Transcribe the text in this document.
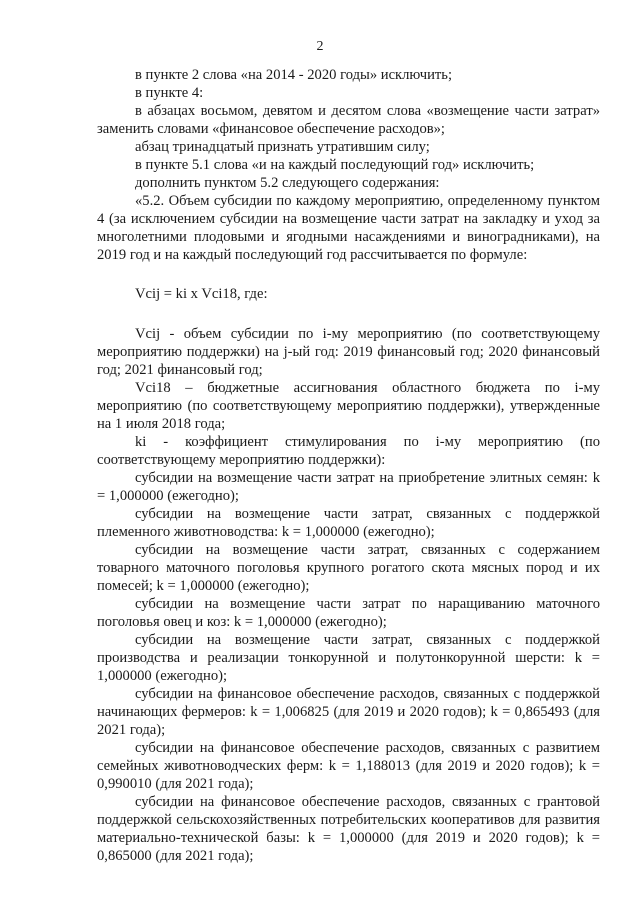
2

в пункте 2 слова «на 2014 - 2020 годы» исключить;

в пункте 4:

в абзацах восьмом, девятом и десятом слова «возмещение части затрат» заменить словами «финансовое обеспечение расходов»;

абзац тринадцатый признать утратившим силу;

в пункте 5.1 слова «и на каждый последующий год» исключить;

дополнить пунктом 5.2 следующего содержания:

«5.2. Объем субсидии по каждому мероприятию, определенному пунктом 4 (за исключением субсидии на возмещение части затрат на закладку и уход за многолетними плодовыми и ягодными насаждениями и виноградниками), на 2019 год и на каждый последующий год рассчитывается по формуле:

Vcij = ki x Vci18, где:

Vcij - объем субсидии по i-му мероприятию (по соответствующему мероприятию поддержки) на j-ый год: 2019 финансовый год; 2020 финансовый год; 2021 финансовый год;

Vci18 – бюджетные ассигнования областного бюджета по i-му мероприятию (по соответствующему мероприятию поддержки), утвержденные на 1 июля 2018 года;

ki - коэффициент стимулирования по i-му мероприятию (по соответствующему мероприятию поддержки):

субсидии на возмещение части затрат на приобретение элитных семян: k = 1,000000 (ежегодно);

субсидии на возмещение части затрат, связанных с поддержкой племенного животноводства: k = 1,000000 (ежегодно);

субсидии на возмещение части затрат, связанных с содержанием товарного маточного поголовья крупного рогатого скота мясных пород и их помесей; k = 1,000000 (ежегодно);

субсидии на возмещение части затрат по наращиванию маточного поголовья овец и коз: k = 1,000000 (ежегодно);

субсидии на возмещение части затрат, связанных с поддержкой производства и реализации тонкорунной и полутонкорунной шерсти: k = 1,000000 (ежегодно);

субсидии на финансовое обеспечение расходов, связанных с поддержкой начинающих фермеров: k = 1,006825 (для 2019 и 2020 годов); k = 0,865493 (для 2021 года);

субсидии на финансовое обеспечение расходов, связанных с развитием семейных животноводческих ферм: k = 1,188013 (для 2019 и 2020 годов); k = 0,990010 (для 2021 года);

субсидии на финансовое обеспечение расходов, связанных с грантовой поддержкой сельскохозяйственных потребительских кооперативов для развития материально-технической базы: k = 1,000000 (для 2019 и 2020 годов); k = 0,865000 (для 2021 года);
